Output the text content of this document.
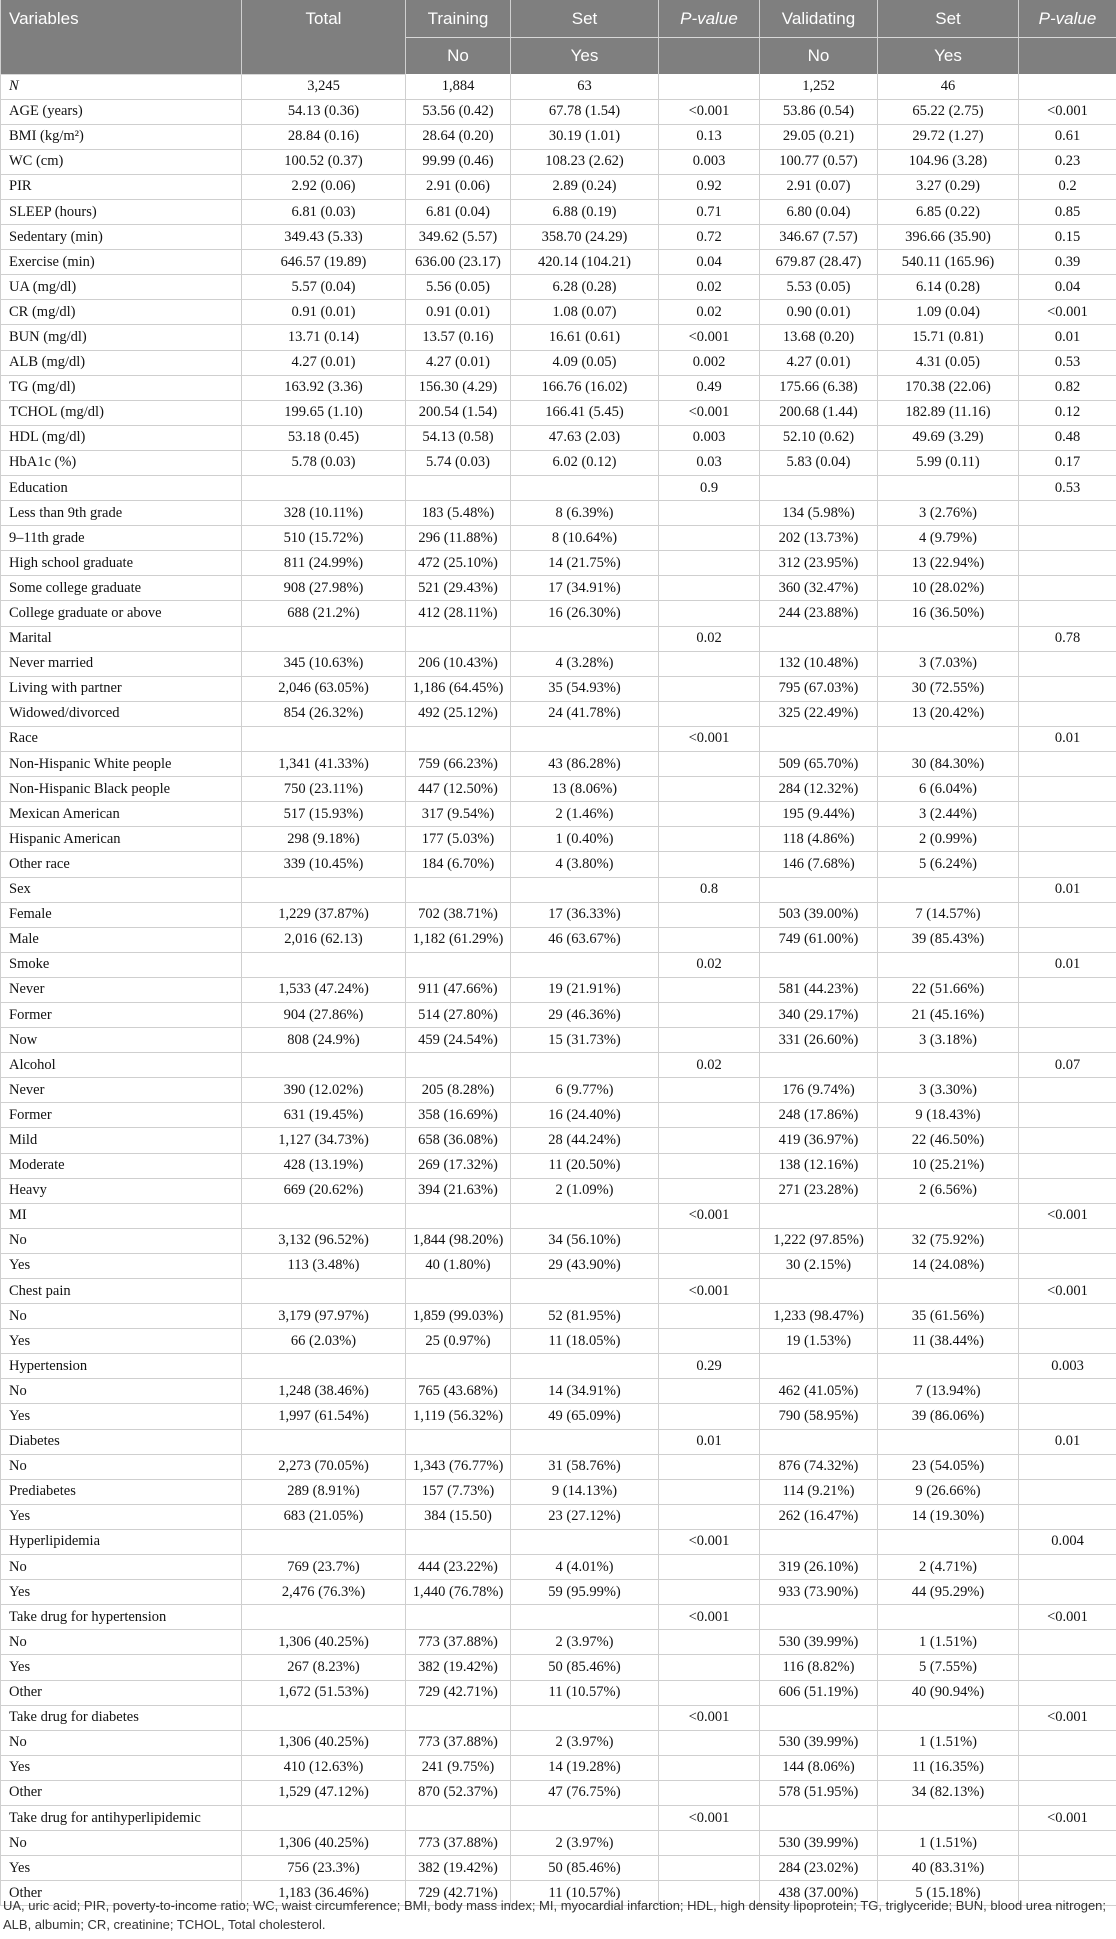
Variables	Total	Training	Set	P-value	Validating	Set	P-value
		No	Yes		No	Yes	
N	3,245	1,884	63		1,252	46	
AGE (years)	54.13 (0.36)	53.56 (0.42)	67.78 (1.54)	<0.001	53.86 (0.54)	65.22 (2.75)	<0.001
BMI (kg/m²)	28.84 (0.16)	28.64 (0.20)	30.19 (1.01)	0.13	29.05 (0.21)	29.72 (1.27)	0.61
WC (cm)	100.52 (0.37)	99.99 (0.46)	108.23 (2.62)	0.003	100.77 (0.57)	104.96 (3.28)	0.23
PIR	2.92 (0.06)	2.91 (0.06)	2.89 (0.24)	0.92	2.91 (0.07)	3.27 (0.29)	0.2
SLEEP (hours)	6.81 (0.03)	6.81 (0.04)	6.88 (0.19)	0.71	6.80 (0.04)	6.85 (0.22)	0.85
Sedentary (min)	349.43 (5.33)	349.62 (5.57)	358.70 (24.29)	0.72	346.67 (7.57)	396.66 (35.90)	0.15
Exercise (min)	646.57 (19.89)	636.00 (23.17)	420.14 (104.21)	0.04	679.87 (28.47)	540.11 (165.96)	0.39
UA (mg/dl)	5.57 (0.04)	5.56 (0.05)	6.28 (0.28)	0.02	5.53 (0.05)	6.14 (0.28)	0.04
CR (mg/dl)	0.91 (0.01)	0.91 (0.01)	1.08 (0.07)	0.02	0.90 (0.01)	1.09 (0.04)	<0.001
BUN (mg/dl)	13.71 (0.14)	13.57 (0.16)	16.61 (0.61)	<0.001	13.68 (0.20)	15.71 (0.81)	0.01
ALB (mg/dl)	4.27 (0.01)	4.27 (0.01)	4.09 (0.05)	0.002	4.27 (0.01)	4.31 (0.05)	0.53
TG (mg/dl)	163.92 (3.36)	156.30 (4.29)	166.76 (16.02)	0.49	175.66 (6.38)	170.38 (22.06)	0.82
TCHOL (mg/dl)	199.65 (1.10)	200.54 (1.54)	166.41 (5.45)	<0.001	200.68 (1.44)	182.89 (11.16)	0.12
HDL (mg/dl)	53.18 (0.45)	54.13 (0.58)	47.63 (2.03)	0.003	52.10 (0.62)	49.69 (3.29)	0.48
HbA1c (%)	5.78 (0.03)	5.74 (0.03)	6.02 (0.12)	0.03	5.83 (0.04)	5.99 (0.11)	0.17
Education				0.9			0.53
Less than 9th grade	328 (10.11%)	183 (5.48%)	8 (6.39%)		134 (5.98%)	3 (2.76%)	
9–11th grade	510 (15.72%)	296 (11.88%)	8 (10.64%)		202 (13.73%)	4 (9.79%)	
High school graduate	811 (24.99%)	472 (25.10%)	14 (21.75%)		312 (23.95%)	13 (22.94%)	
Some college graduate	908 (27.98%)	521 (29.43%)	17 (34.91%)		360 (32.47%)	10 (28.02%)	
College graduate or above	688 (21.2%)	412 (28.11%)	16 (26.30%)		244 (23.88%)	16 (36.50%)	
Marital				0.02			0.78
Never married	345 (10.63%)	206 (10.43%)	4 (3.28%)		132 (10.48%)	3 (7.03%)	
Living with partner	2,046 (63.05%)	1,186 (64.45%)	35 (54.93%)		795 (67.03%)	30 (72.55%)	
Widowed/divorced	854 (26.32%)	492 (25.12%)	24 (41.78%)		325 (22.49%)	13 (20.42%)	
Race				<0.001			0.01
Non-Hispanic White people	1,341 (41.33%)	759 (66.23%)	43 (86.28%)		509 (65.70%)	30 (84.30%)	
Non-Hispanic Black people	750 (23.11%)	447 (12.50%)	13 (8.06%)		284 (12.32%)	6 (6.04%)	
Mexican American	517 (15.93%)	317 (9.54%)	2 (1.46%)		195 (9.44%)	3 (2.44%)	
Hispanic American	298 (9.18%)	177 (5.03%)	1 (0.40%)		118 (4.86%)	2 (0.99%)	
Other race	339 (10.45%)	184 (6.70%)	4 (3.80%)		146 (7.68%)	5 (6.24%)	
Sex				0.8			0.01
Female	1,229 (37.87%)	702 (38.71%)	17 (36.33%)		503 (39.00%)	7 (14.57%)	
Male	2,016 (62.13)	1,182 (61.29%)	46 (63.67%)		749 (61.00%)	39 (85.43%)	
Smoke				0.02			0.01
Never	1,533 (47.24%)	911 (47.66%)	19 (21.91%)		581 (44.23%)	22 (51.66%)	
Former	904 (27.86%)	514 (27.80%)	29 (46.36%)		340 (29.17%)	21 (45.16%)	
Now	808 (24.9%)	459 (24.54%)	15 (31.73%)		331 (26.60%)	3 (3.18%)	
Alcohol				0.02			0.07
Never	390 (12.02%)	205 (8.28%)	6 (9.77%)		176 (9.74%)	3 (3.30%)	
Former	631 (19.45%)	358 (16.69%)	16 (24.40%)		248 (17.86%)	9 (18.43%)	
Mild	1,127 (34.73%)	658 (36.08%)	28 (44.24%)		419 (36.97%)	22 (46.50%)	
Moderate	428 (13.19%)	269 (17.32%)	11 (20.50%)		138 (12.16%)	10 (25.21%)	
Heavy	669 (20.62%)	394 (21.63%)	2 (1.09%)		271 (23.28%)	2 (6.56%)	
MI				<0.001			<0.001
No	3,132 (96.52%)	1,844 (98.20%)	34 (56.10%)		1,222 (97.85%)	32 (75.92%)	
Yes	113 (3.48%)	40 (1.80%)	29 (43.90%)		30 (2.15%)	14 (24.08%)	
Chest pain				<0.001			<0.001
No	3,179 (97.97%)	1,859 (99.03%)	52 (81.95%)		1,233 (98.47%)	35 (61.56%)	
Yes	66 (2.03%)	25 (0.97%)	11 (18.05%)		19 (1.53%)	11 (38.44%)	
Hypertension				0.29			0.003
No	1,248 (38.46%)	765 (43.68%)	14 (34.91%)		462 (41.05%)	7 (13.94%)	
Yes	1,997 (61.54%)	1,119 (56.32%)	49 (65.09%)		790 (58.95%)	39 (86.06%)	
Diabetes				0.01			0.01
No	2,273 (70.05%)	1,343 (76.77%)	31 (58.76%)		876 (74.32%)	23 (54.05%)	
Prediabetes	289 (8.91%)	157 (7.73%)	9 (14.13%)		114 (9.21%)	9 (26.66%)	
Yes	683 (21.05%)	384 (15.50)	23 (27.12%)		262 (16.47%)	14 (19.30%)	
Hyperlipidemia				<0.001			0.004
No	769 (23.7%)	444 (23.22%)	4 (4.01%)		319 (26.10%)	2 (4.71%)	
Yes	2,476 (76.3%)	1,440 (76.78%)	59 (95.99%)		933 (73.90%)	44 (95.29%)	
Take drug for hypertension				<0.001			<0.001
No	1,306 (40.25%)	773 (37.88%)	2 (3.97%)		530 (39.99%)	1 (1.51%)	
Yes	267 (8.23%)	382 (19.42%)	50 (85.46%)		116 (8.82%)	5 (7.55%)	
Other	1,672 (51.53%)	729 (42.71%)	11 (10.57%)		606 (51.19%)	40 (90.94%)	
Take drug for diabetes				<0.001			<0.001
No	1,306 (40.25%)	773 (37.88%)	2 (3.97%)		530 (39.99%)	1 (1.51%)	
Yes	410 (12.63%)	241 (9.75%)	14 (19.28%)		144 (8.06%)	11 (16.35%)	
Other	1,529 (47.12%)	870 (52.37%)	47 (76.75%)		578 (51.95%)	34 (82.13%)	
Take drug for antihyperlipidemic				<0.001			<0.001
No	1,306 (40.25%)	773 (37.88%)	2 (3.97%)		530 (39.99%)	1 (1.51%)	
Yes	756 (23.3%)	382 (19.42%)	50 (85.46%)		284 (23.02%)	40 (83.31%)	
Other	1,183 (36.46%)	729 (42.71%)	11 (10.57%)		438 (37.00%)	5 (15.18%)	
UA, uric acid; PIR, poverty-to-income ratio; WC, waist circumference; BMI, body mass index; MI, myocardial infarction; HDL, high density lipoprotein; TG, triglyceride; BUN, blood urea nitrogen; ALB, albumin; CR, creatinine; TCHOL, Total cholesterol.
